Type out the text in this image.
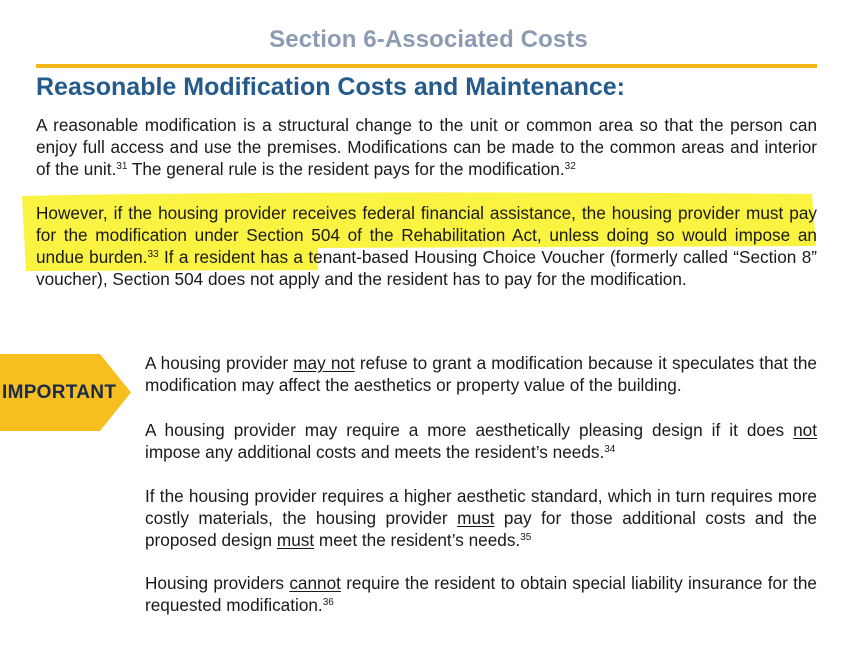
Section 6-Associated Costs
Reasonable Modification Costs and Maintenance:

A reasonable modification is a structural change to the unit or common area so that the person can enjoy full access and use the premises. Modifications can be made to the common areas and interior of the unit.$^{31}$ The general rule is the resident pays for the modification.$^{32}$

However, if the housing provider receives federal financial assistance, the housing provider must pay for the modification under Section 504 of the Rehabilitation Act, unless doing so would impose an undue burden.$^{33}$ If a resident has a tenant-based Housing Choice Voucher (formerly called “Section 8” voucher), Section 504 does not apply and the resident has to pay for the modification.

IMPORTANT

A housing provider may not refuse to grant a modification because it speculates that the modification may affect the aesthetics or property value of the building.

A housing provider may require a more aesthetically pleasing design if it does not impose any additional costs and meets the resident’s needs.$^{34}$

If the housing provider requires a higher aesthetic standard, which in turn requires more costly materials, the housing provider must pay for those additional costs and the proposed design must meet the resident’s needs.$^{35}$

Housing providers cannot require the resident to obtain special liability insurance for the requested modification.$^{36}$
